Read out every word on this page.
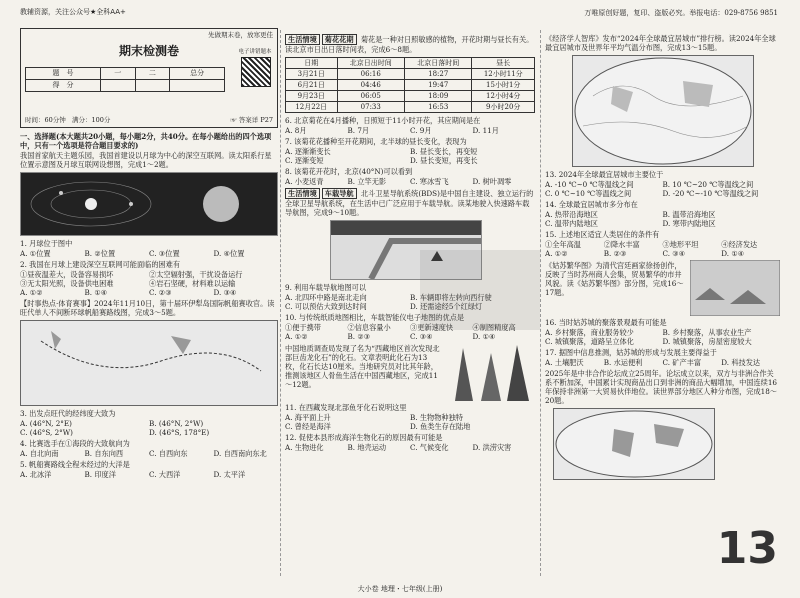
教辅资源，关注公众号★全科AA+	万唯原创好题，复印、盗版必究。举报电话：029-8756 9851
先做期末卷，放寒更佳
期末检测卷
题　号	一	二	总分
得　分			
电子讲错题本
时间：60分钟 满分：100分	☞ 答案详 P27

一、选择题(本大题共20小题，每小题2分，共40分。在每小题给出的四个选项中，只有一个选项是符合题目要求的)

我国首家航天主题乐园，我国首建设以月球为中心的深空互联网。读太阳系行星位置示意图及月球互联网设想图，完成1～2题。

1. 月球位于图中

A. ①位置	B. ②位置	C. ③位置	D. ④位置

2. 我国在月球上建设深空互联网可能面临的困难有

①昼夜温差大，设备容易损坏	②太空辐射强，干扰设备运行
③无太阳光照，设备供电困难	④岩石坚硬，材料难以运输
A. ①②	B. ①④	C. ②③	D. ③④

【时事热点·体育赛事】2024年11月10日，第十届环伊犁岛国际帆船赛收官。读旺代单人不间断环球帆船赛路线图，完成3～5题。

3. 出发点旺代的经纬度大致为

A. (46°N, 2°E)	B. (46°N, 2°W)
C. (46°S, 2°W)	D. (46°S, 178°E)

4. 比赛选手在①海段的大致航向为

A. 自北向南	B. 自东向西	C. 自西向东	D. 自西南向东北

5. 帆船赛路线全程未经过的大洋是

A. 北冰洋	B. 印度洋	C. 大西洋	D. 太平洋

生活情境 菊花花期 菊花是一种对日照敏感的植物，开花时期与昼长有关。读北京市日出日落时间表，完成6～8题。

日期	北京日出时间	北京日落时间	昼长
3月21日	06:16	18:27	12小时11分
6月21日	04:46	19:47	15小时1分
9月23日	06:05	18:09	12小时4分
12月22日	07:33	16:53	9小时20分

6. 北京菊花在4月播种，日照短于11小时开花，其应期间是在

A. 8月	B. 7月	C. 9月	D. 11月

7. 该菊花花播种至开花期间，北半球的昼长变化，表现为

A. 逐渐渐变长	B. 昼长变长，再变短
C. 逐渐变短	D. 昼长变短，再变长

8. 该菊花开花时，北京(40°N)可以看到

A. 小麦返青	B. 立竿无影	C. 寒冰雪飞	D. 树叶凋零

生活情境 车载导航 北斗卫星导航系统(BDS)是中国自主建设、独立运行的全球卫星导航系统，在生活中已广泛应用于车载导航。读某地驶入快速路车载导航图，完成9～10题。

9. 利用车载导航地图可以

A. 北四环中路是南北走向	B. 车辆即将左转向西行驶
C. 可以预估大致到达时间	D. 还需途经5个红绿灯

10. 与传统纸质地图相比，车载智能仪电子地图的优点是

①便于携带	②信息容量小	③更新速度快	④制图精度高
A. ①②	B. ②③	C. ③④	D. ①④

中国地质调查局发现了名为“西藏地区首次发现北部巨齿龙化石”的化石。文章表明此化石为13枚，化石长达10厘米。当地研究员对比其年龄，推测该地区人骨鱼生活在中国西藏地区，完成11～12题。

11. 在西藏发现北部鱼牙化石说明这里

A. 海平面上升	B. 生物物种独特
C. 曾经是海洋	D. 鱼类生存在陆地

12. 促使本县形成海洋生物化石的原因最有可能是

A. 生物进化	B. 地壳运动	C. 气候变化	D. 洪涝灾害

《经济学人智库》发布“2024年全球最宜居城市”排行榜。读2024年全球最宜居城市及世界年平均气温分布图，完成13～15题。

13. 2024年全球最宜居城市主要位于

A. -10 ℃~0 ℃等温线之间	B. 10 ℃~20 ℃等温线之间
C. 0 ℃~10 ℃等温线之间	D. -20 ℃~-10 ℃等温线之间

14. 全球最宜居城市多分布在

A. 热带沿海地区	B. 温带沿海地区
C. 温带内陆地区	D. 寒带内陆地区

15. 上述地区适宜人类居住的条件有

①全年高温	②降水丰富	③地形平坦	④经济发达
A. ①②	B. ②③	C. ③④	D. ①④

《姑苏繁华图》为清代宫廷画家徐扬创作，反映了当时苏州商人会集，贸易繁华的市井风貌。读《姑苏繁华图》部分图，完成16～17题。

16. 当时姑苏城的聚落景观最有可能是

A. 乡村聚落，商业服务较少	B. 乡村聚落，从事农业生产
C. 城镇聚落，道路呈立体化	D. 城镇聚落，房屋密度较大

17. 据图中信息推测，姑苏城的形成与发展主要得益于

A. 土壤肥沃	B. 水运便利	C. 矿产丰富	D. 科技发达

2025年是中非合作论坛成立25周年。论坛成立以来，双方与非洲合作关系不断加深，中国累计实现商品出口到非洲的商品大幅增加，中国连续16年保持非洲第一大贸易伙伴地位。读世界部分地区人种分布图，完成18～20题。

13
大小卷 地理・七年级(上册)
